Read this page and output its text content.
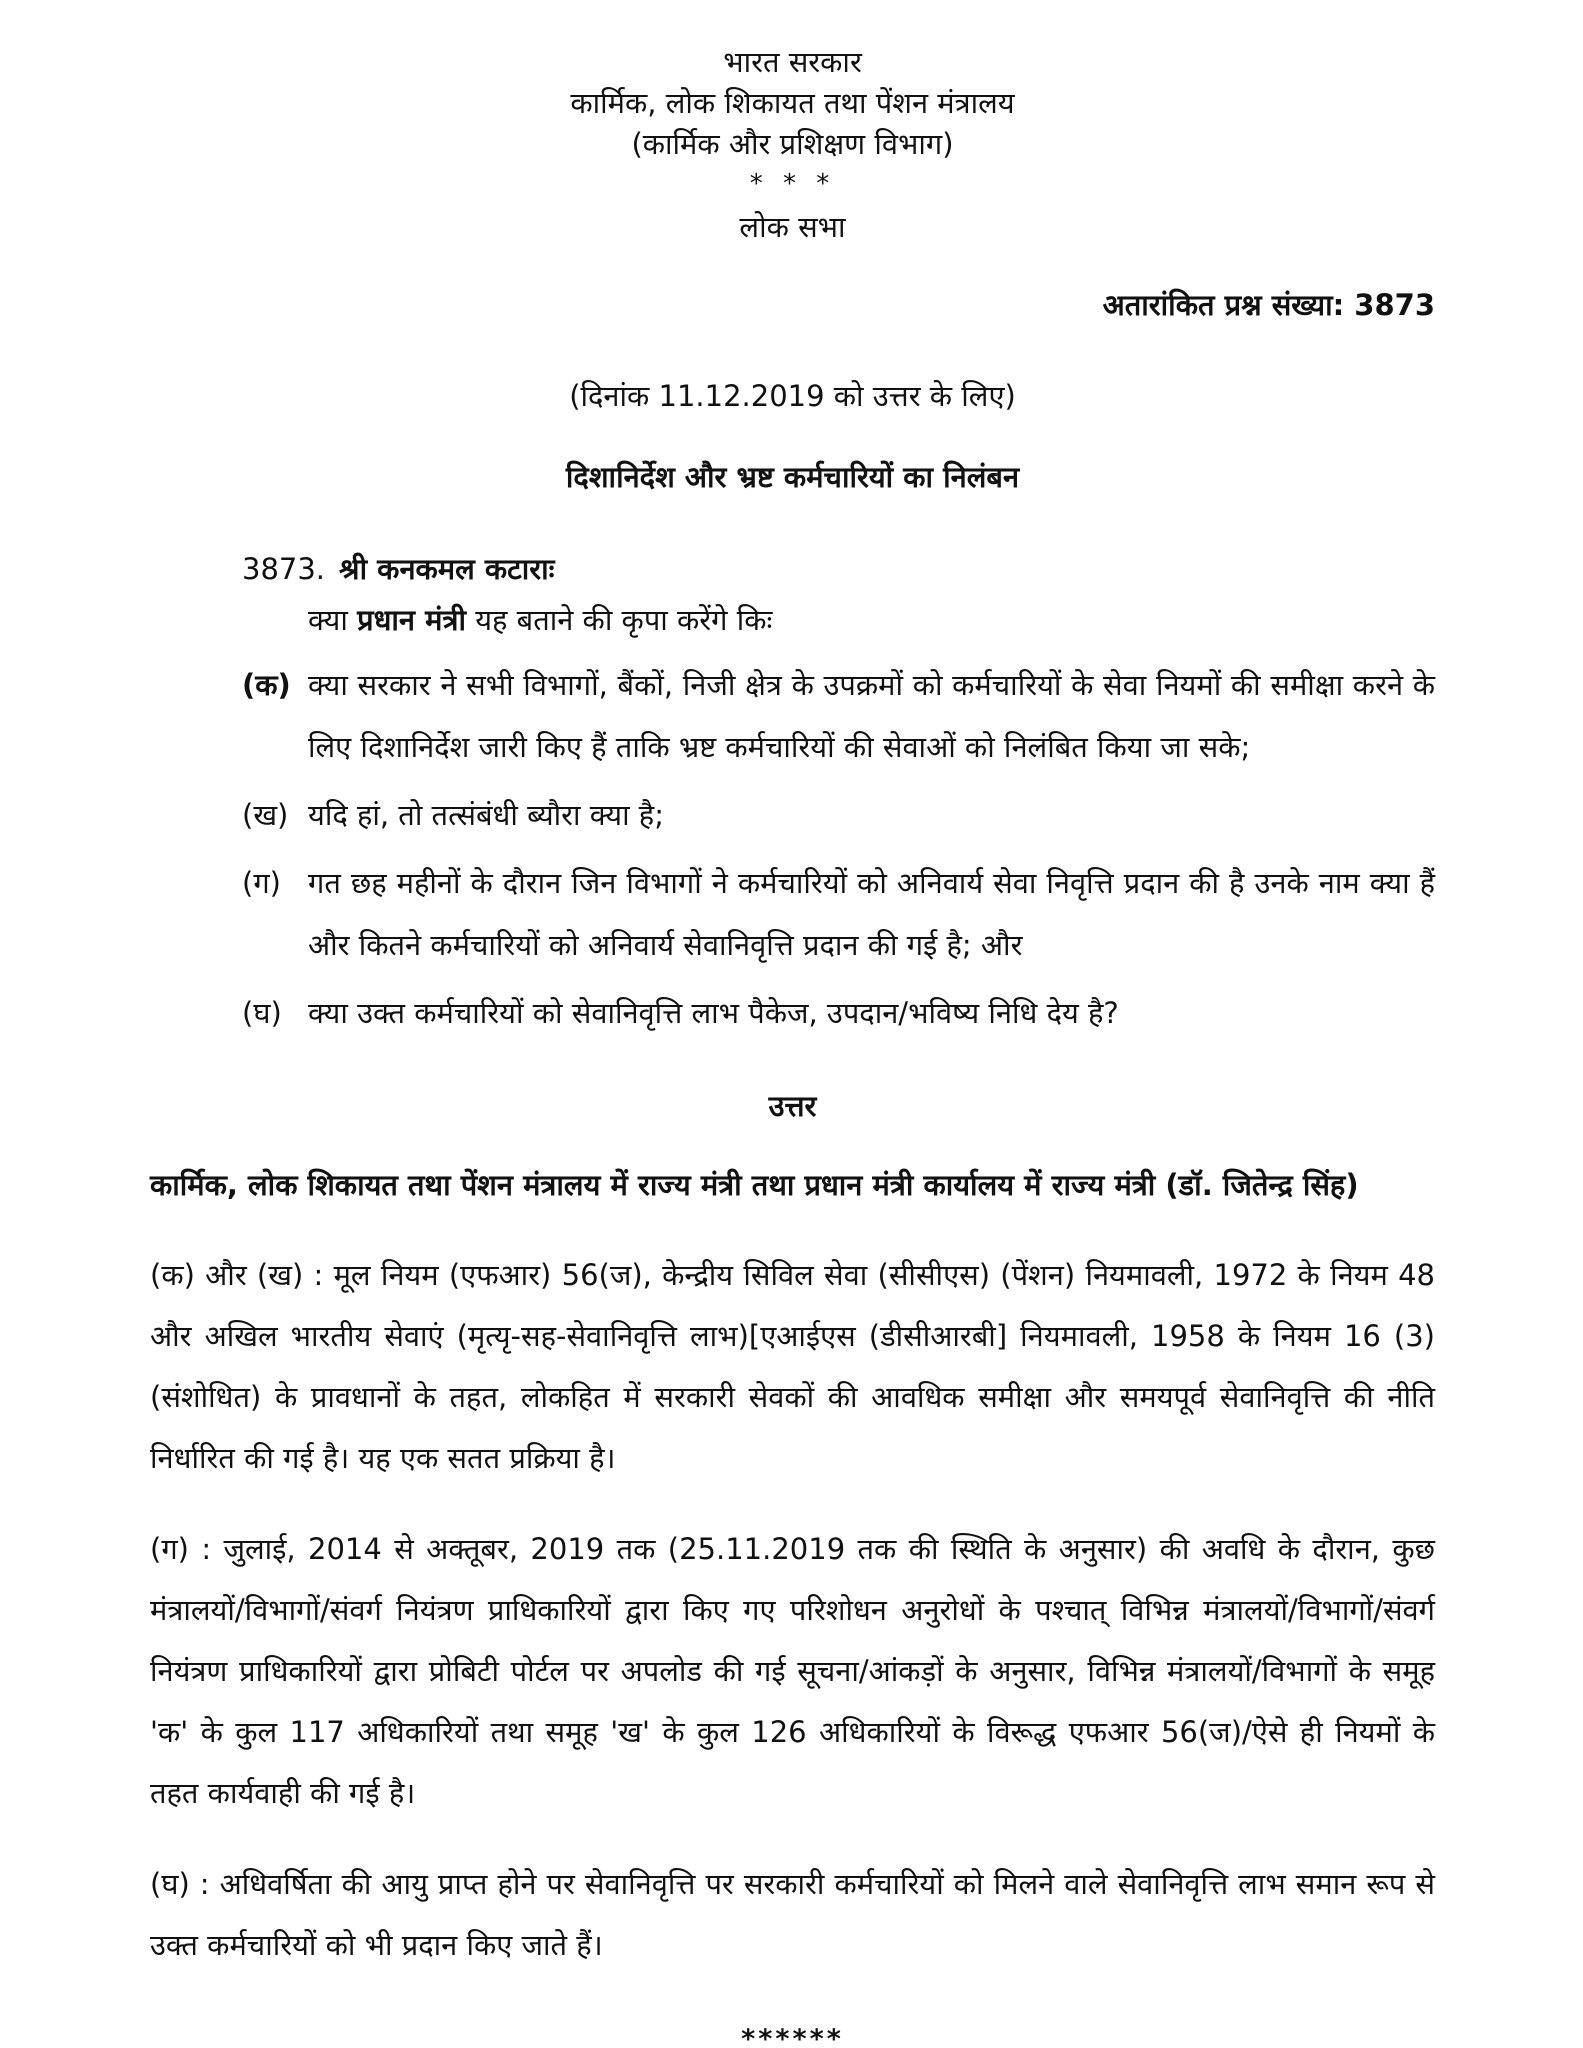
भारत सरकार
कार्मिक, लोक शिकायत तथा पेंशन मंत्रालय
(कार्मिक और प्रशिक्षण विभाग)
* * *
लोक सभा
अतारांकित प्रश्न संख्या: 3873
(दिनांक 11.12.2019 को उत्तर के लिए)
दिशानिर्देश और भ्रष्ट कर्मचारियों का निलंबन
3873. श्री कनकमल कटाराः
क्या प्रधान मंत्री यह बताने की कृपा करेंगे किः
(क) क्या सरकार ने सभी विभागों, बैंकों, निजी क्षेत्र के उपक्रमों को कर्मचारियों के सेवा नियमों की समीक्षा करने के लिए दिशानिर्देश जारी किए हैं ताकि भ्रष्ट कर्मचारियों की सेवाओं को निलंबित किया जा सके;
(ख) यदि हां, तो तत्संबंधी ब्यौरा क्या है;
(ग) गत छह महीनों के दौरान जिन विभागों ने कर्मचारियों को अनिवार्य सेवा निवृत्ति प्रदान की है उनके नाम क्या हैं और कितने कर्मचारियों को अनिवार्य सेवानिवृत्ति प्रदान की गई है; और
(घ) क्या उक्त कर्मचारियों को सेवानिवृत्ति लाभ पैकेज, उपदान/भविष्य निधि देय है?
उत्तर
कार्मिक, लोक शिकायत तथा पेंशन मंत्रालय में राज्य मंत्री तथा प्रधान मंत्री कार्यालय में राज्य मंत्री (डॉ. जितेन्द्र सिंह)
(क) और (ख) : मूल नियम (एफआर) 56(ज), केन्द्रीय सिविल सेवा (सीसीएस) (पेंशन) नियमावली, 1972 के नियम 48 और अखिल भारतीय सेवाएं (मृत्यृ-सह-सेवानिवृत्ति लाभ)[एआईएस (डीसीआरबी] नियमावली, 1958 के नियम 16 (3) (संशोधित) के प्रावधानों के तहत, लोकहित में सरकारी सेवकों की आवधिक समीक्षा और समयपूर्व सेवानिवृत्ति की नीति निर्धारित की गई है। यह एक सतत प्रक्रिया है।
(ग) : जुलाई, 2014 से अक्तूबर, 2019 तक (25.11.2019 तक की स्थिति के अनुसार) की अवधि के दौरान, कुछ मंत्रालयों/विभागों/संवर्ग नियंत्रण प्राधिकारियों द्वारा किए गए परिशोधन अनुरोधों के पश्चात् विभिन्न मंत्रालयों/विभागों/संवर्ग नियंत्रण प्राधिकारियों द्वारा प्रोबिटी पोर्टल पर अपलोड की गई सूचना/आंकड़ों के अनुसार, विभिन्न मंत्रालयों/विभागों के समूह 'क' के कुल 117 अधिकारियों तथा समूह 'ख' के कुल 126 अधिकारियों के विरूद्ध एफआर 56(ज)/ऐसे ही नियमों के तहत कार्यवाही की गई है।
(घ) : अधिवर्षिता की आयु प्राप्त होने पर सेवानिवृत्ति पर सरकारी कर्मचारियों को मिलने वाले सेवानिवृत्ति लाभ समान रूप से उक्त कर्मचारियों को भी प्रदान किए जाते हैं।
******
